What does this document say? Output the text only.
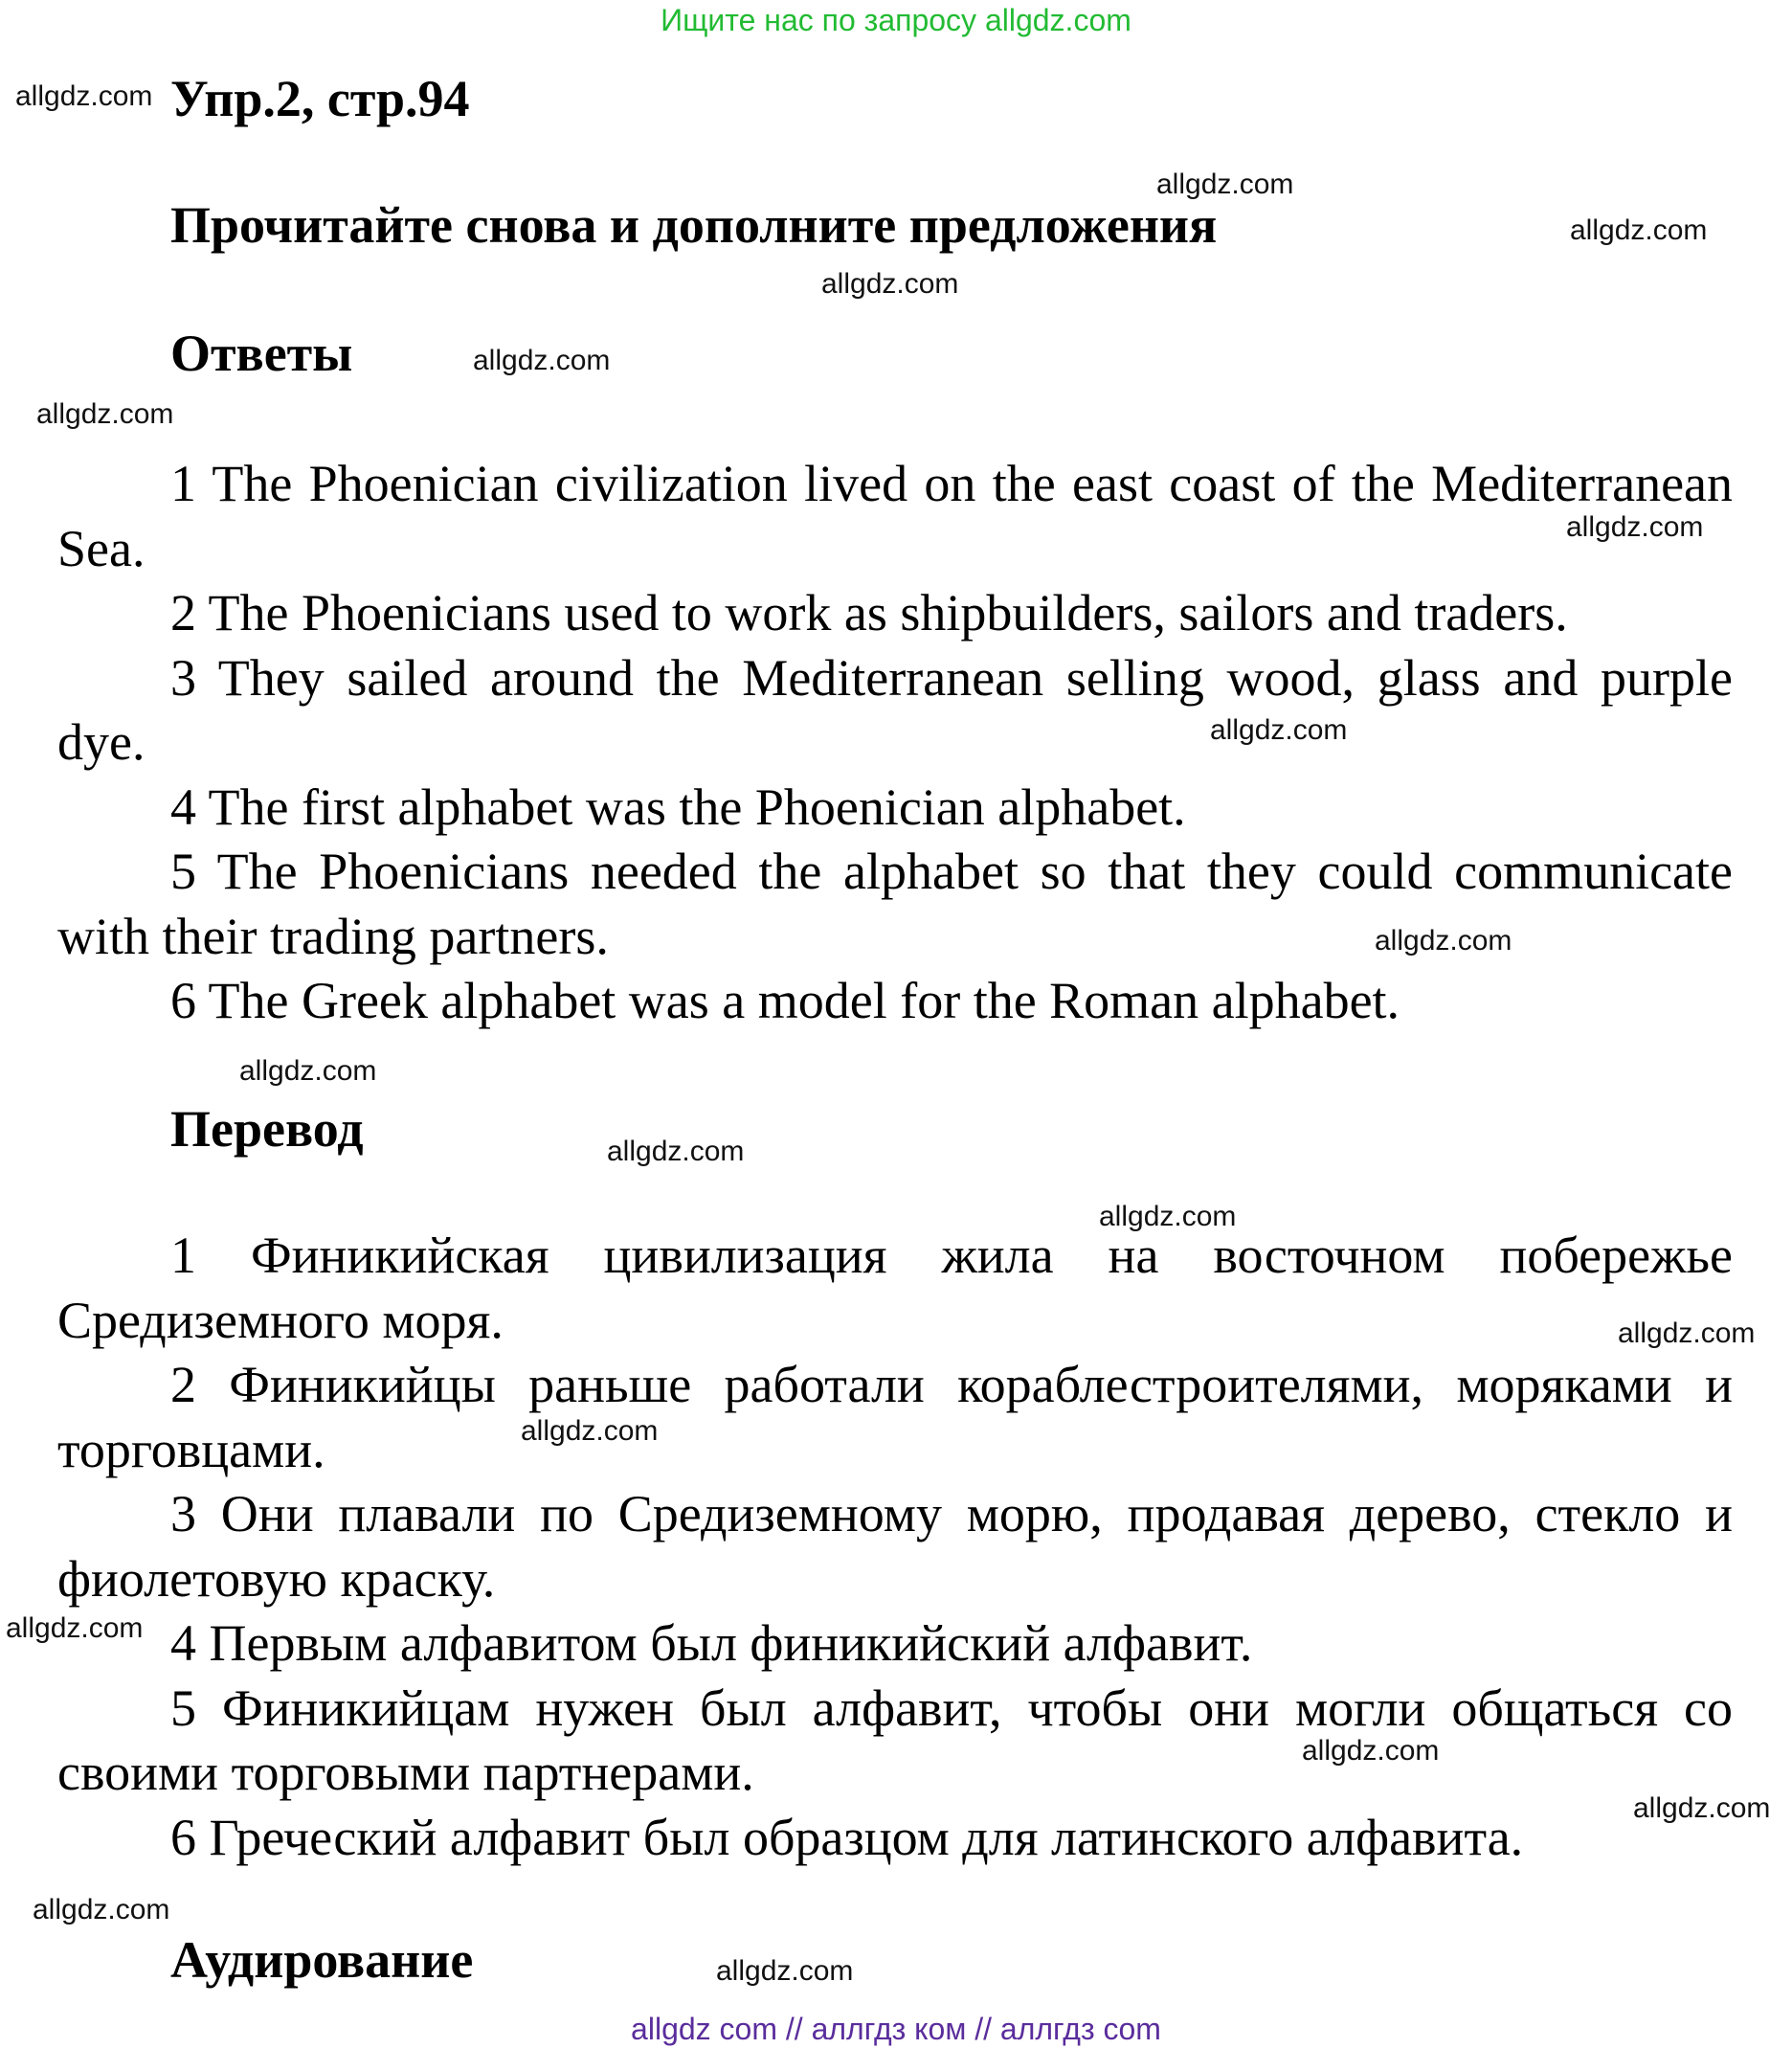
Ищите нас по запросу allgdz.com
Упр.2, стр.94
Прочитайте снова и дополните предложения
Ответы

1 The Phoenician civilization lived on the east coast of the Mediterranean Sea.

2 The Phoenicians used to work as shipbuilders, sailors and traders.

3 They sailed around the Mediterranean selling wood, glass and purple dye.

4 The first alphabet was the Phoenician alphabet.

5 The Phoenicians needed the alphabet so that they could communicate with their trading partners.

6 The Greek alphabet was a model for the Roman alphabet.

Перевод

1 Финикийская цивилизация жила на восточном побережье Средиземного моря.

2 Финикийцы раньше работали кораблестроителями, моряками и торговцами.

3 Они плавали по Средиземному морю, продавая дерево, стекло и фиолетовую краску.

4 Первым алфавитом был финикийский алфавит.

5 Финикийцам нужен был алфавит, чтобы они могли общаться со своими торговыми партнерами.

6 Греческий алфавит был образцом для латинского алфавита.

Аудирование
allgdz.com
allgdz.com
allgdz.com
allgdz.com
allgdz.com
allgdz.com
allgdz.com
allgdz.com
allgdz.com
allgdz.com
allgdz.com
allgdz.com
allgdz.com
allgdz.com
allgdz.com
allgdz.com
allgdz.com
allgdz.com
allgdz.com
allgdz com // аллгдз ком // аллгдз com
